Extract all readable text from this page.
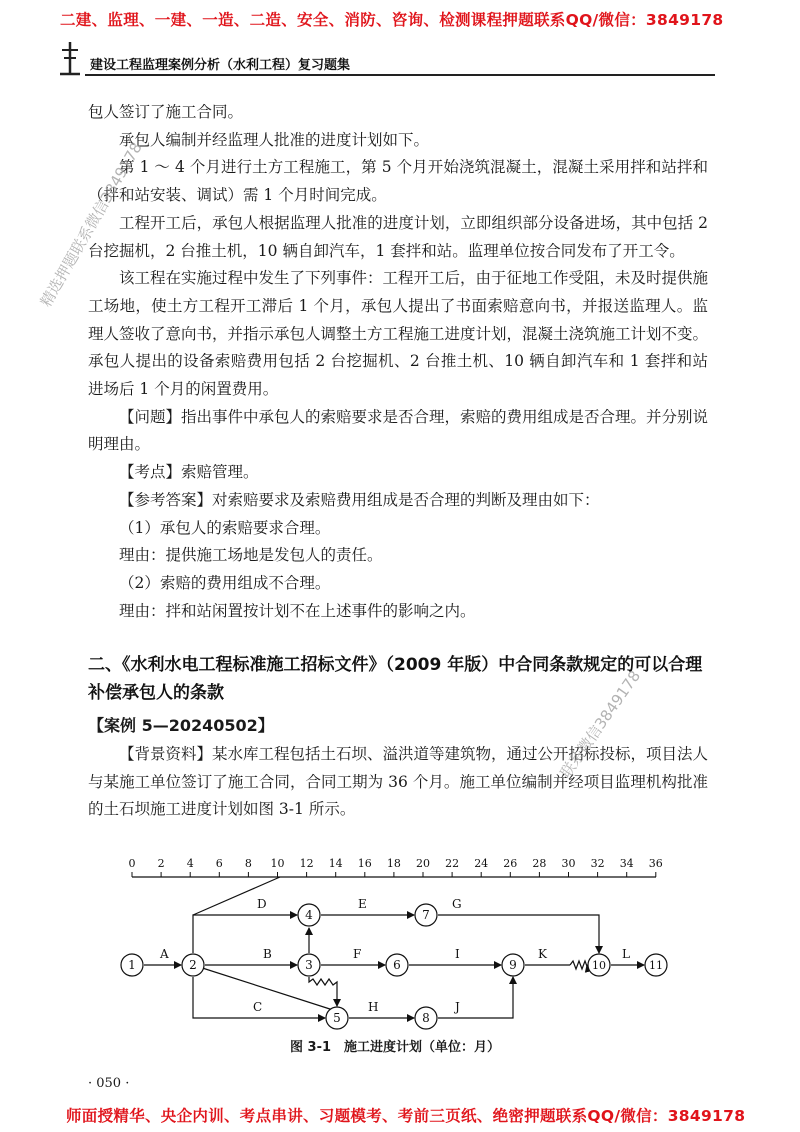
二建、监理、一建、一造、二造、安全、消防、咨询、检测课程押题联系QQ/微信：3849178
建设工程监理案例分析（水利工程）复习题集

包人签订了施工合同。

承包人编制并经监理人批准的进度计划如下。

第 1 ～ 4 个月进行土方工程施工，第 5 个月开始浇筑混凝土，混凝土采用拌和站拌和（拌和站安装、调试）需 1 个月时间完成。

工程开工后，承包人根据监理人批准的进度计划，立即组织部分设备进场，其中包括 2 台挖掘机，2 台推土机，10 辆自卸汽车，1 套拌和站。监理单位按合同发布了开工令。

该工程在实施过程中发生了下列事件：工程开工后，由于征地工作受阻，未及时提供施工场地，使土方工程开工滞后 1 个月，承包人提出了书面索赔意向书，并报送监理人。监理人签收了意向书，并指示承包人调整土方工程施工进度计划，混凝土浇筑施工计划不变。承包人提出的设备索赔费用包括 2 台挖掘机、2 台推土机、10 辆自卸汽车和 1 套拌和站进场后 1 个月的闲置费用。

【问题】指出事件中承包人的索赔要求是否合理，索赔的费用组成是否合理。并分别说明理由。

【考点】索赔管理。

【参考答案】对索赔要求及索赔费用组成是否合理的判断及理由如下：

（1）承包人的索赔要求合理。

理由：提供施工场地是发包人的责任。

（2）索赔的费用组成不合理。

理由：拌和站闲置按计划不在上述事件的影响之内。

二、《水利水电工程标准施工招标文件》（2009 年版）中合同条款规定的可以合理补偿承包人的条款
【案例 5—20240502】

【背景资料】某水库工程包括土石坝、溢洪道等建筑物，通过公开招标投标，项目法人与某施工单位签订了施工合同，合同工期为 36 个月。施工单位编制并经项目监理机构批准的土石坝施工进度计划如图 3-1 所示。

精选押题联系微信3849178
联系微信3849178
0 2 4 6 8 10 12 14 16 18 20 22 24 26 28 30 32 34 36
A	B
C
D	E
F
G
H
I
J
K	L
1	2	3
4
5
6
7
8
9	10	11
图 3-1　施工进度计划（单位：月）
· 050 ·
师面授精华、央企内训、考点串讲、习题模考、考前三页纸、绝密押题联系QQ/微信：3849178
